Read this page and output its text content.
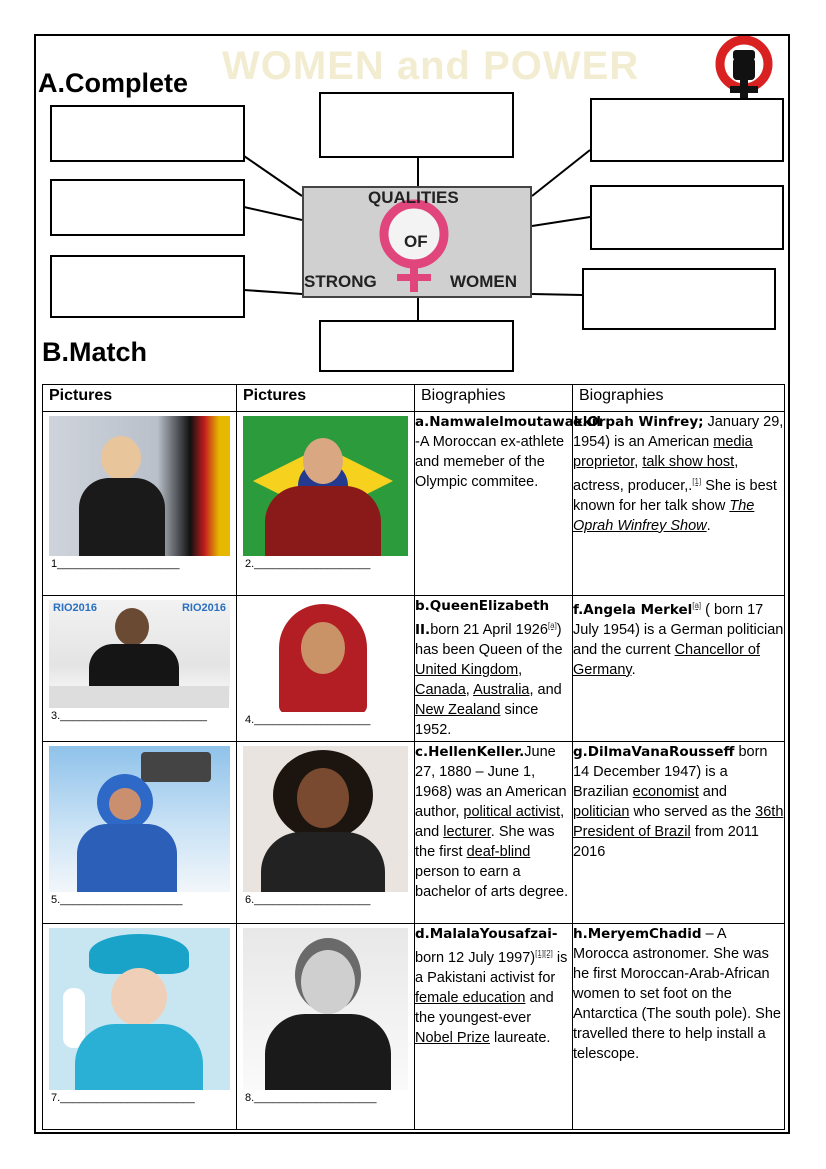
WOMEN and POWER
A.Complete
QUALITIES
OF
STRONG	WOMEN
B.Match
Pictures	Pictures	Biographies	Biographies

1____________________	2.___________________	a.Namwalelmoutawakkil -A Moroccan ex-athlete and memeber of the Olympic commitee.	e.Orpah Winfrey; January 29, 1954) is an American media proprietor, talk show host, actress, producer,.[1] She is best known for her talk show The Oprah Winfrey Show.

RIO2016 RIO2016
3.________________________	4.___________________	b.QueenElizabeth II.born 21 April 1926[a]) has been Queen of the United Kingdom, Canada, Australia, and New Zealand since 1952.	f.Angela Merkel[a] ( born 17 July 1954) is a German politician and the current Chancellor of Germany.

5.____________________	6.___________________	c.HellenKeller.June 27, 1880 – June 1, 1968) was an American author, political activist, and lecturer. She was the first deaf-blind person to earn a bachelor of arts degree.	g.DilmaVanaRousseff born 14 December 1947) is a Brazilian economist and politician who served as the 36th President of Brazil from 2011 2016

7.______________________	8.____________________	d.MalalaYousafzai-born 12 July 1997)[1][2] is a Pakistani activist for female education and the youngest-ever Nobel Prize laureate.	h.MeryemChadid – A Morocca astronomer. She was he first Moroccan-Arab-African women to set foot on the Antarctica (The south pole). She travelled there to help install a telescope.
